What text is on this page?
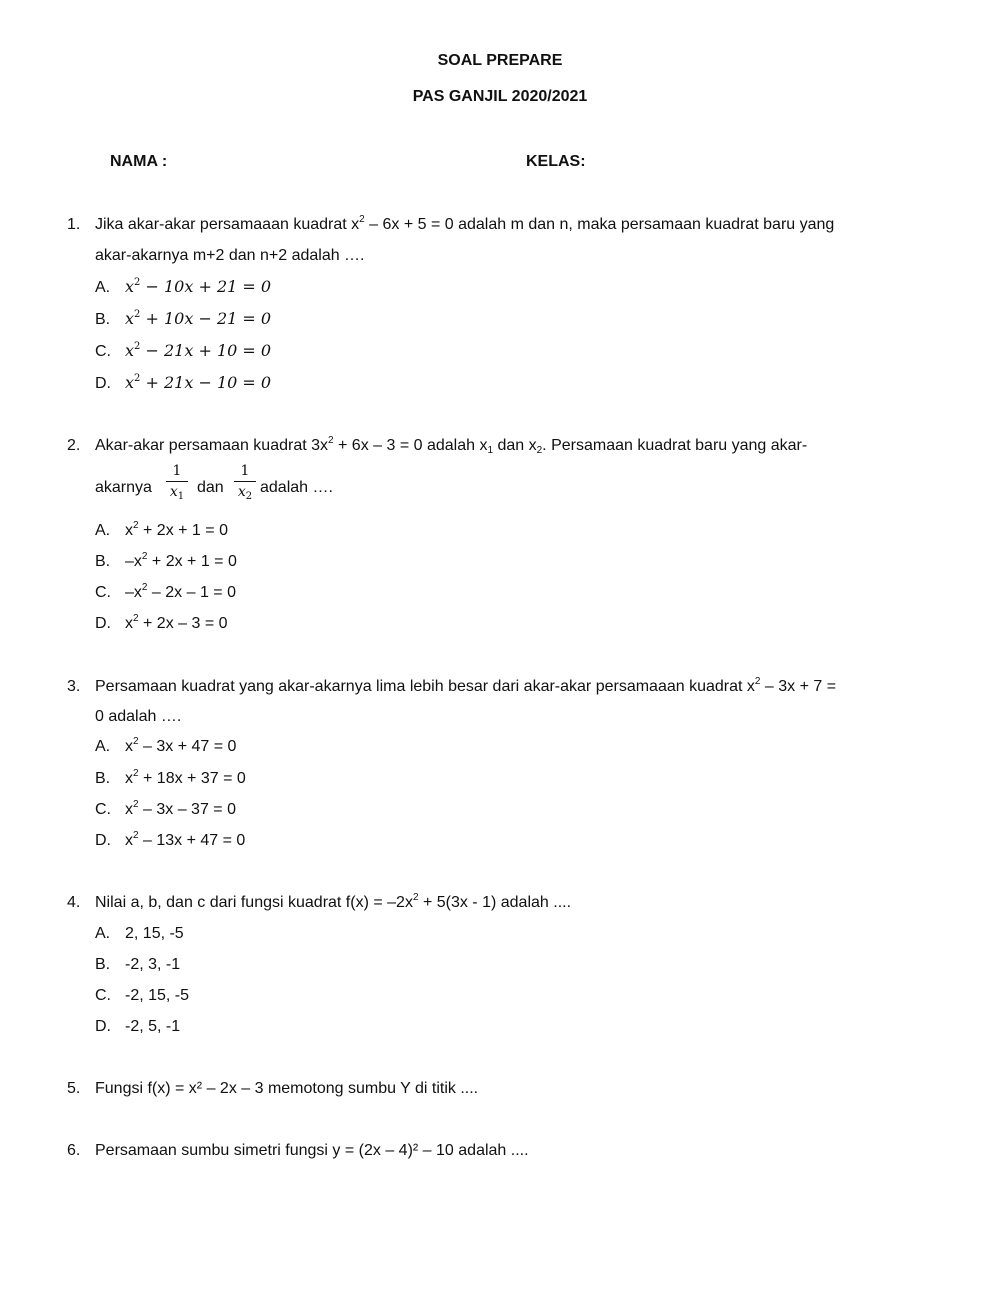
SOAL PREPARE
PAS GANJIL 2020/2021
NAMA :	KELAS:
1. Jika akar-akar persamaaan kuadrat $x^2 - 6x + 5 = 0$ adalah m dan n, maka persamaan kuadrat baru yang
akar-akarnya m+2 dan n+2 adalah ….
A. $x^2 - 10x + 21 = 0$
B. $x^2 + 10x - 21 = 0$
C. $x^2 - 21x + 10 = 0$
D. $x^2 + 21x - 10 = 0$
2. Akar-akar persamaan kuadrat $3x^2 + 6x - 3 = 0$ adalah $x_1$ dan $x_2$. Persamaan kuadrat baru yang akar-
akarnya
1
$x_1$
dan
1
$x_2$
adalah ….
A. $x^2 + 2x + 1 = 0$
B. $-x^2 + 2x + 1 = 0$
C. $-x^2 - 2x - 1 = 0$
D. $x^2 + 2x - 3 = 0$
3. Persamaan kuadrat yang akar-akarnya lima lebih besar dari akar-akar persamaaan kuadrat $x^2 - 3x + 7$ =
0 adalah ….
A. $x^2 - 3x + 47 = 0$
B. $x^2 + 18x + 37 = 0$
C. $x^2 - 3x - 37 = 0$
D. $x^2 - 13x + 47 = 0$
4. Nilai a, b, dan c dari fungsi kuadrat $f(x) = -2x^2 + 5(3x - 1)$ adalah ....
A. 2, 15, -5
B. -2, 3, -1
C. -2, 15, -5
D. -2, 5, -1
5. Fungsi f(x) = x² – 2x – 3 memotong sumbu Y di titik ....
6. Persamaan sumbu simetri fungsi y = (2x – 4)² – 10 adalah ....
